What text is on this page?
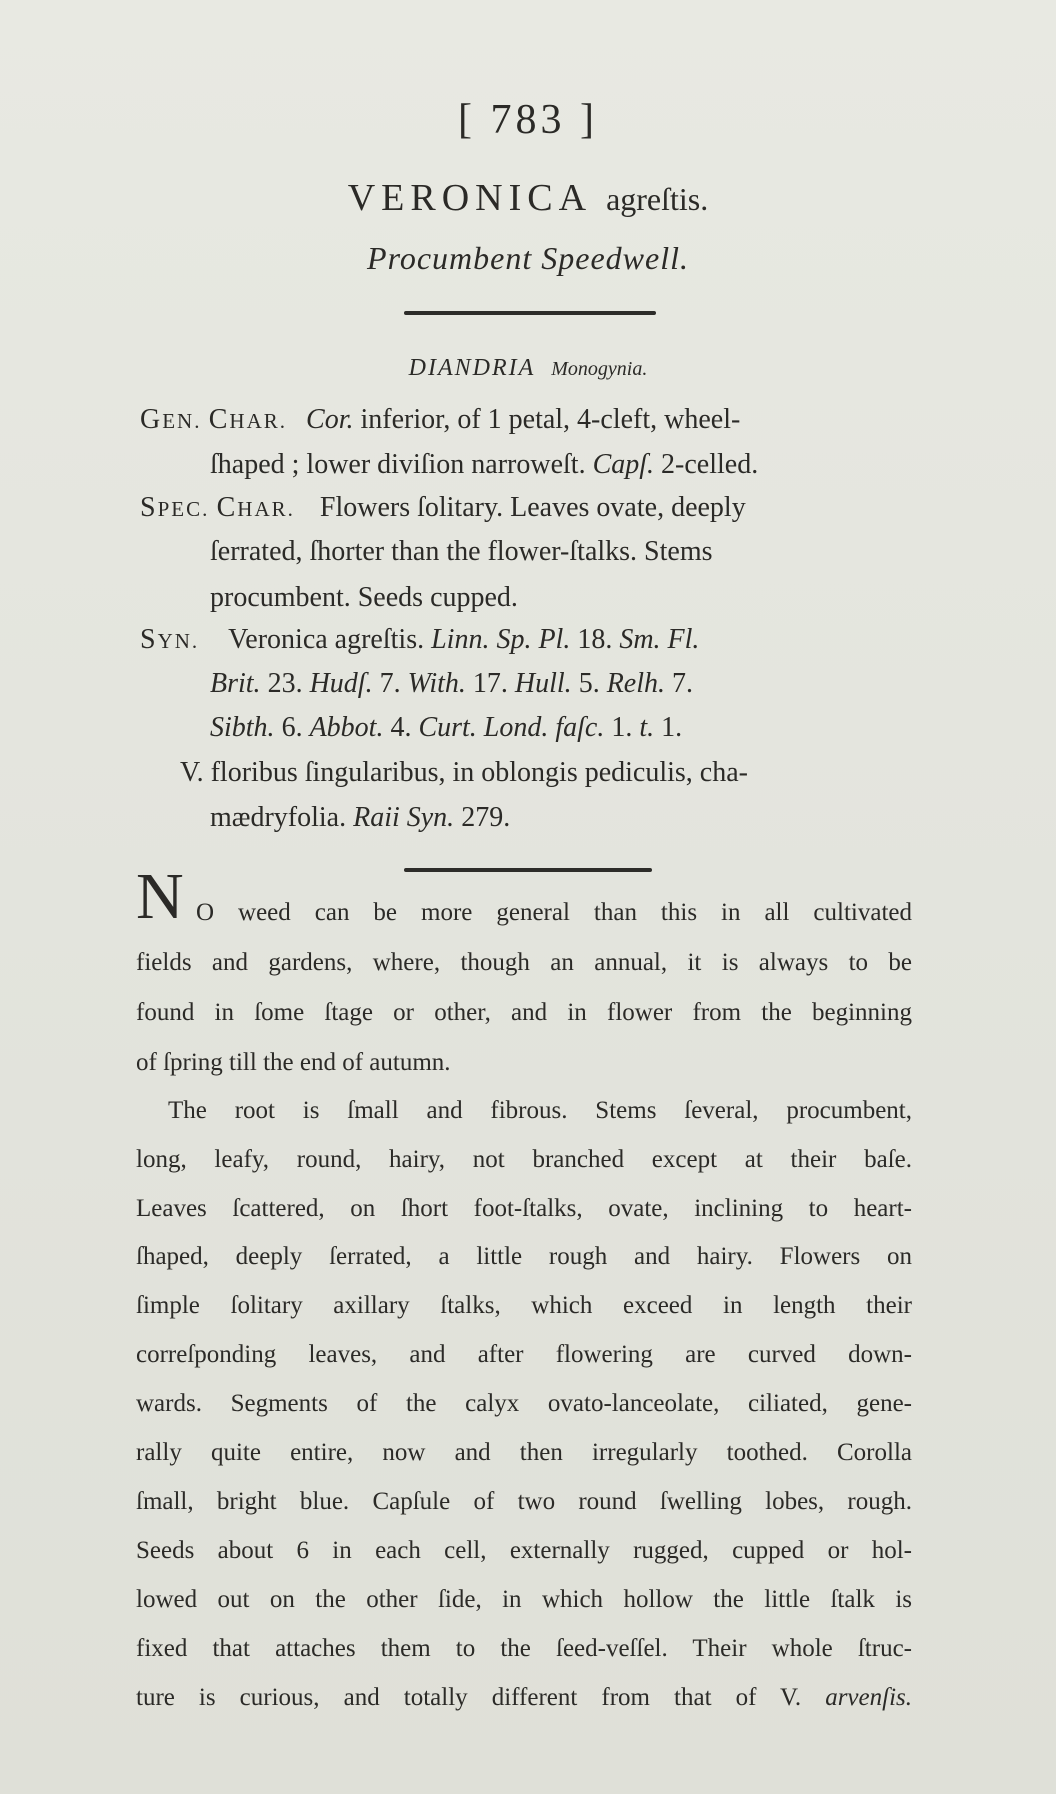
[ 783 ]
VERONICA agreſtis.
Procumbent Speedwell.
DIANDRIA Monogynia.
GEN. CHAR. Cor. inferior, of 1 petal, 4-cleft, wheel-
ſhaped ; lower diviſion narroweſt. Capſ. 2-celled.
SPEC. CHAR. Flowers ſolitary. Leaves ovate, deeply
ſerrated, ſhorter than the flower-ſtalks. Stems
procumbent. Seeds cupped.
SYN. Veronica agreſtis. Linn. Sp. Pl. 18. Sm. Fl.
Brit. 23. Hudſ. 7. With. 17. Hull. 5. Relh. 7.
Sibth. 6. Abbot. 4. Curt. Lond. faſc. 1. t. 1.
V. floribus ſingularibus, in oblongis pediculis, cha-
mædryfolia. Raii Syn. 279.
N O weed can be more general than this in all cultivated
fields and gardens, where, though an annual, it is always to be
found in ſome ſtage or other, and in flower from the beginning
of ſpring till the end of autumn.
The root is ſmall and fibrous. Stems ſeveral, procumbent,
long, leafy, round, hairy, not branched except at their baſe.
Leaves ſcattered, on ſhort foot-ſtalks, ovate, inclining to heart-
ſhaped, deeply ſerrated, a little rough and hairy. Flowers on
ſimple ſolitary axillary ſtalks, which exceed in length their
correſponding leaves, and after flowering are curved down-
wards. Segments of the calyx ovato-lanceolate, ciliated, gene-
rally quite entire, now and then irregularly toothed. Corolla
ſmall, bright blue. Capſule of two round ſwelling lobes, rough.
Seeds about 6 in each cell, externally rugged, cupped or hol-
lowed out on the other ſide, in which hollow the little ſtalk is
fixed that attaches them to the ſeed-veſſel. Their whole ſtruc-
ture is curious, and totally different from that of V. arvenſis.
